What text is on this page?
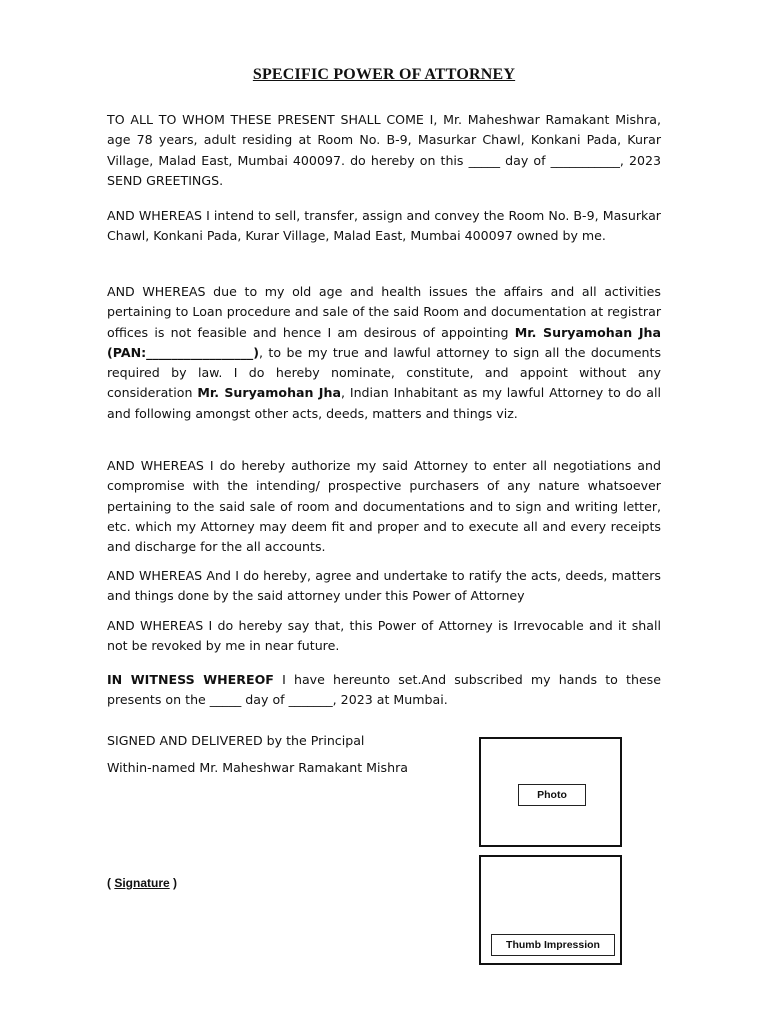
SPECIFIC POWER OF ATTORNEY

TO ALL TO WHOM THESE PRESENT SHALL COME I, Mr. Maheshwar Ramakant Mishra, age 78 years, adult residing at Room No. B-9, Masurkar Chawl, Konkani Pada, Kurar Village, Malad East, Mumbai 400097. do hereby on this _____ day of ___________, 2023 SEND GREETINGS.

AND WHEREAS I intend to sell, transfer, assign and convey the Room No. B-9, Masurkar Chawl, Konkani Pada, Kurar Village, Malad East, Mumbai 400097 owned by me.

AND WHEREAS due to my old age and health issues the affairs and all activities pertaining to Loan procedure and sale of the said Room and documentation at registrar offices is not feasible and hence I am desirous of appointing Mr. Suryamohan Jha (PAN:_________________), to be my true and lawful attorney to sign all the documents required by law. I do hereby nominate, constitute, and appoint without any consideration Mr. Suryamohan Jha, Indian Inhabitant as my lawful Attorney to do all and following amongst other acts, deeds, matters and things viz.

AND WHEREAS I do hereby authorize my said Attorney to enter all negotiations and compromise with the intending/ prospective purchasers of any nature whatsoever pertaining to the said sale of room and documentations and to sign and writing letter, etc. which my Attorney may deem fit and proper and to execute all and every receipts and discharge for the all accounts.

AND WHEREAS And I do hereby, agree and undertake to ratify the acts, deeds, matters and things done by the said attorney under this Power of Attorney

AND WHEREAS I do hereby say that, this Power of Attorney is Irrevocable and it shall not be revoked by me in near future.

IN WITNESS WHEREOF I have hereunto set.And subscribed my hands to these presents on the _____ day of _______, 2023 at Mumbai.

SIGNED AND DELIVERED by the Principal
Within-named Mr. Maheshwar Ramakant Mishra
( Signature )
Photo
Thumb Impression
